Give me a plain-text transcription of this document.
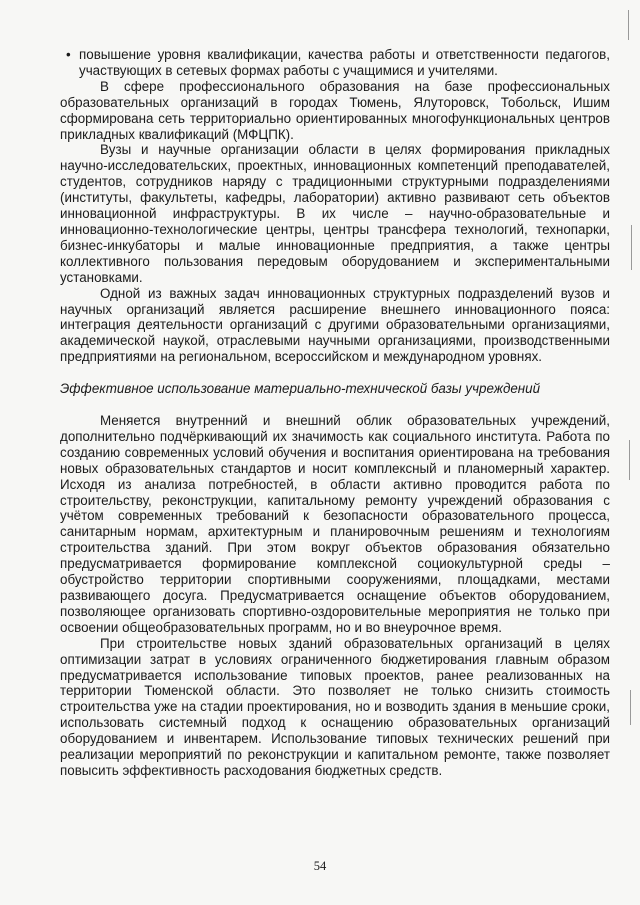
• повышение уровня квалификации, качества работы и ответственности педагогов, участвующих в сетевых формах работы с учащимися и учителями.

В сфере профессионального образования на базе профессиональных образовательных организаций в городах Тюмень, Ялуторовск, Тобольск, Ишим сформирована сеть территориально ориентированных многофункциональных центров прикладных квалификаций (МФЦПК).

Вузы и научные организации области в целях формирования прикладных научно-исследовательских, проектных, инновационных компетенций преподавателей, студентов, сотрудников наряду с традиционными структурными подразделениями (институты, факультеты, кафедры, лаборатории) активно развивают сеть объектов инновационной инфраструктуры. В их числе – научно-образовательные и инновационно-технологические центры, центры трансфера технологий, технопарки, бизнес-инкубаторы и малые инновационные предприятия, а также центры коллективного пользования передовым оборудованием и экспериментальными установками.

Одной из важных задач инновационных структурных подразделений вузов и научных организаций является расширение внешнего инновационного пояса: интеграция деятельности организаций с другими образовательными организациями, академической наукой, отраслевыми научными организациями, производственными предприятиями на региональном, всероссийском и международном уровнях.

Эффективное использование материально-технической базы учреждений

Меняется внутренний и внешний облик образовательных учреждений, дополнительно подчёркивающий их значимость как социального института. Работа по созданию современных условий обучения и воспитания ориентирована на требования новых образовательных стандартов и носит комплексный и планомерный характер. Исходя из анализа потребностей, в области активно проводится работа по строительству, реконструкции, капитальному ремонту учреждений образования с учётом современных требований к безопасности образовательного процесса, санитарным нормам, архитектурным и планировочным решениям и технологиям строительства зданий. При этом вокруг объектов образования обязательно предусматривается формирование комплексной социокультурной среды – обустройство территории спортивными сооружениями, площадками, местами развивающего досуга. Предусматривается оснащение объектов оборудованием, позволяющее организовать спортивно-оздоровительные мероприятия не только при освоении общеобразовательных программ, но и во внеурочное время.

При строительстве новых зданий образовательных организаций в целях оптимизации затрат в условиях ограниченного бюджетирования главным образом предусматривается использование типовых проектов, ранее реализованных на территории Тюменской области. Это позволяет не только снизить стоимость строительства уже на стадии проектирования, но и возводить здания в меньшие сроки, использовать системный подход к оснащению образовательных организаций оборудованием и инвентарем. Использование типовых технических решений при реализации мероприятий по реконструкции и капитальном ремонте, также позволяет повысить эффективность расходования бюджетных средств.

54
